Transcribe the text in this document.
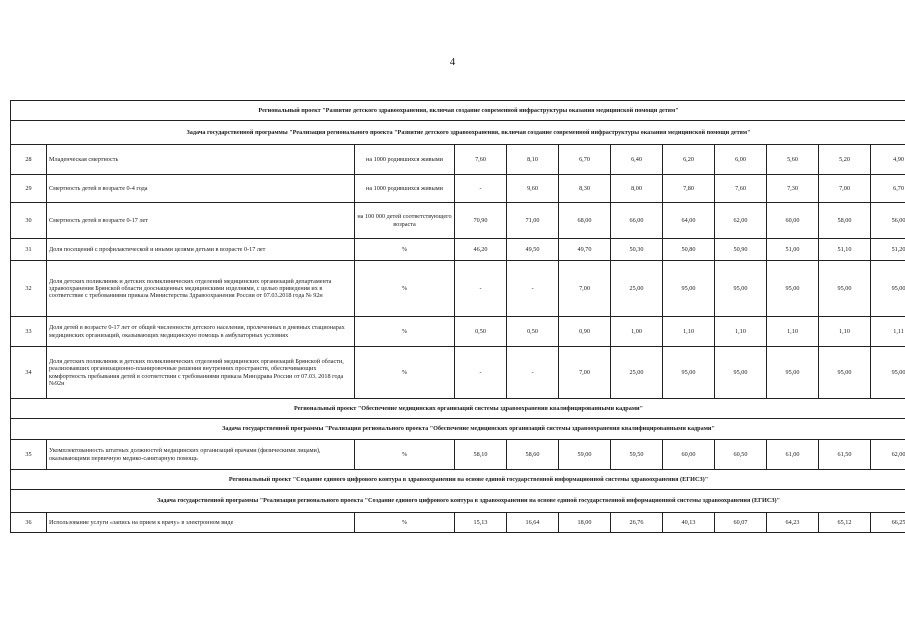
4
Региональный проект "Развитие детского здравоохранения, включая создание современной инфраструктуры оказания медицинской помощи детям"											
Задача государственной программы "Реализация регионального проекта "Развитие детского здравоохранения, включая создание современной инфраструктуры оказания медицинской помощи детям"											
28	Младенческая смертность	на 1000 родившихся живыми	7,60	8,10	6,70	6,40	6,20	6,00	5,60	5,20	4,90
29	Смертность детей в возрасте 0-4 года	на 1000 родившихся живыми	-	9,60	8,30	8,00	7,80	7,60	7,30	7,00	6,70
30	Смертность детей в возрасте 0-17 лет	на 100 000 детей соответствующего возраста	70,90	71,00	68,00	66,00	64,00	62,00	60,00	58,00	56,00
31	Доля посещений с профилактической и иными целями детьми в возрасте 0-17 лет	%	46,20	49,50	49,70	50,30	50,80	50,90	51,00	51,10	51,20
32	Доля детских поликлиник и детских поликлинических отделений медицинских организаций департамента здравоохранения Брянской области дооснащенных медицинскими изделиями, с целью приведения их в соответствие с требованиями приказа Министерства Здравоохранения России от 07.03.2018 года № 92н	%	-	-	7,00	25,00	95,00	95,00	95,00	95,00	95,00
33	Доля детей в возрасте 0-17 лет от общей численности детского населения, пролеченных в дневных стационарах медицинских организаций, оказывающих медицинскую помощь в амбулаторных условиях	%	0,50	0,50	0,90	1,00	1,10	1,10	1,10	1,10	1,11
34	Доля детских поликлиник и детских поликлинических отделений медицинских организаций Брянской области, реализовавших организационно-планировочные решения внутренних пространств, обеспечивающих комфортность пребывания детей в соответствии с требованиями приказа Минздрава России от 07.03. 2018 года №92н	%	-	-	7,00	25,00	95,00	95,00	95,00	95,00	95,00
Региональный проект "Обеспечение медицинских организаций системы здравоохранения квалифицированными кадрами"											
Задача государственной программы "Реализация регионального проекта "Обеспечение медицинских организаций системы здравоохранения квалифицированными кадрами"											
35	Укомплектованность штатных должностей медицинских организаций врачами (физическими лицами), оказывающими первичную медико-санитарную помощь	%	58,10	58,60	59,00	59,50	60,00	60,50	61,00	61,50	62,00
Региональный проект "Создание единого цифрового контура в здравоохранении на основе единой государственной информационной системы здравоохранения (ЕГИСЗ)"											
Задача государственной программы "Реализация регионального проекта "Создание единого цифрового контура в здравоохранении на основе единой государственной информационной системы здравоохранения (ЕГИСЗ)"											
36	Использование услуги «запись на прием к врачу» в электронном виде	%	15,13	16,64	18,00	26,76	40,13	60,07	64,23	65,12	66,25
